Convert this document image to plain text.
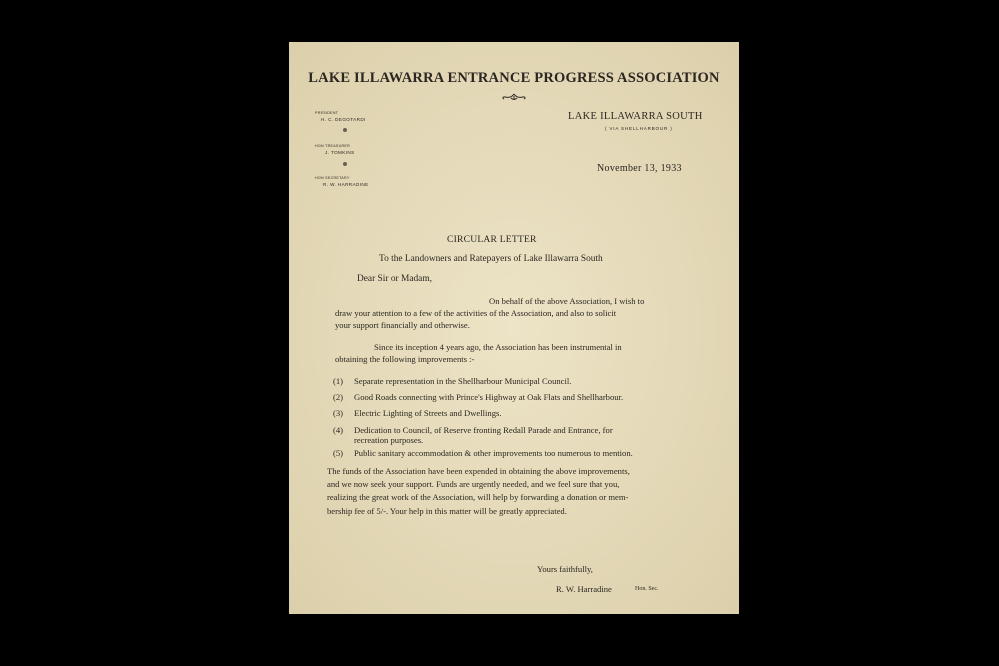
LAKE ILLAWARRA ENTRANCE PROGRESS ASSOCIATION
PRESIDENT
H. C. DEGOTARDI
HON TREASURER
J. TOMKINS
HON SECRETARY
R. W. HARRADINE
LAKE ILLAWARRA SOUTH
( VIA SHELLHARBOUR )
November 13, 1933
CIRCULAR LETTER
To the Landowners and Ratepayers of Lake Illawarra South
Dear Sir or Madam,
On behalf of the above Association, I wish to
draw your attention to a few of the activities of the Association, and also to solicit
your support financially and otherwise.
Since its inception 4 years ago, the Association has been instrumental in
obtaining the following improvements :-
(1) Separate representation in the Shellharbour Municipal Council.
(2) Good Roads connecting with Prince's Highway at Oak Flats and Shellharbour.
(3) Electric Lighting of Streets and Dwellings.
(4) Dedication to Council, of Reserve fronting Redall Parade and Entrance, for
recreation purposes.
(5) Public sanitary accommodation & other improvements too numerous to mention.
The funds of the Association have been expended in obtaining the above improvements,
and we now seek your support. Funds are urgently needed, and we feel sure that you,
realizing the great work of the Association, will help by forwarding a donation or mem-
bership fee of 5/-. Your help in this matter will be greatly appreciated.
Yours faithfully,
R. W. Harradine	Hon. Sec.
